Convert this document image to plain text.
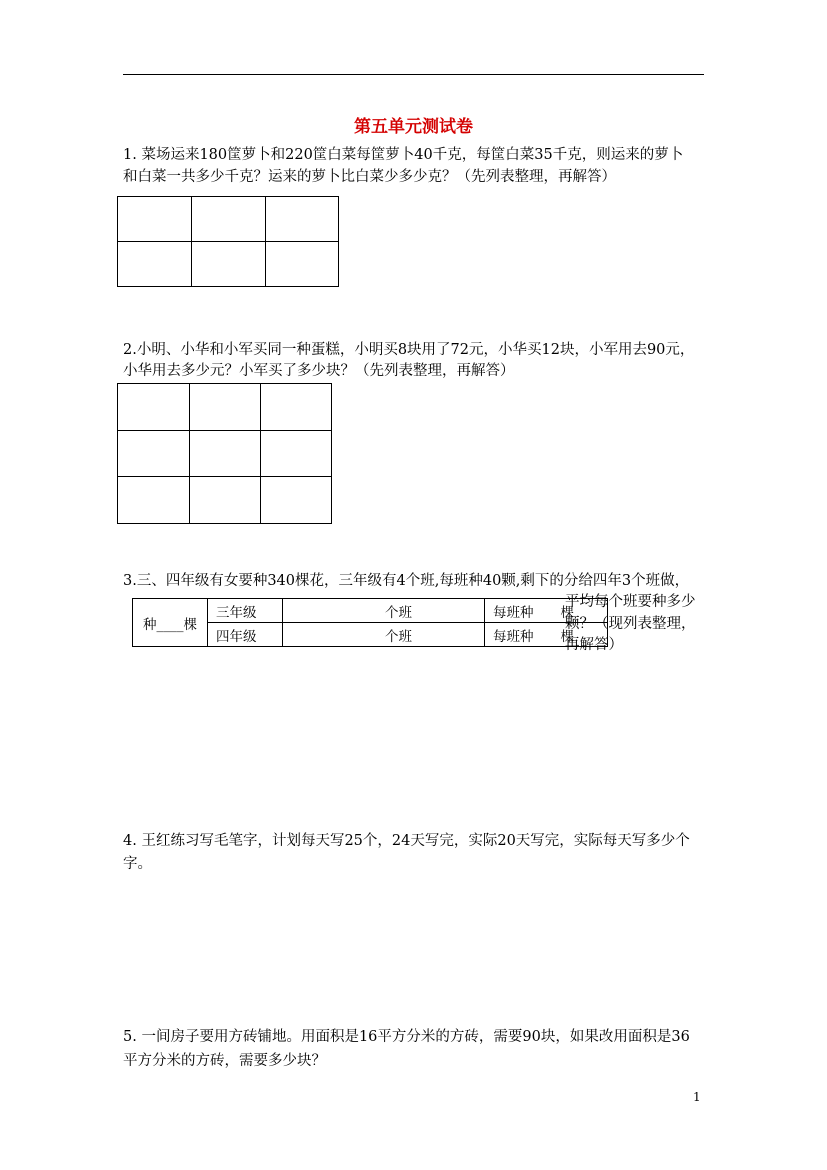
第五单元测试卷
1. 菜场运来180筐萝卜和220筐白菜每筐萝卜40千克，每筐白菜35千克，则运来的萝卜
和白菜一共多少千克？运来的萝卜比白菜少多少克？（先列表整理，再解答）

2.小明、小华和小军买同一种蛋糕，小明买8块用了72元，小华买12块，小军用去90元，
小华用去多少元？小军买了多少块？（先列表整理，再解答）

3.三、四年级有女要种340棵花，三年级有4个班,每班种40颗,剩下的分给四年3个班做，
种____棵	三年级	个班	每班种　　棵
	四年级	个班	每班种　　棵
平均每个班要种多少
颗？（现列表整理，
再解答）
4. 王红练习写毛笔字，计划每天写25个，24天写完，实际20天写完，实际每天写多少个
字。
5. 一间房子要用方砖铺地。用面积是16平方分米的方砖，需要90块，如果改用面积是36
平方分米的方砖，需要多少块？
1
